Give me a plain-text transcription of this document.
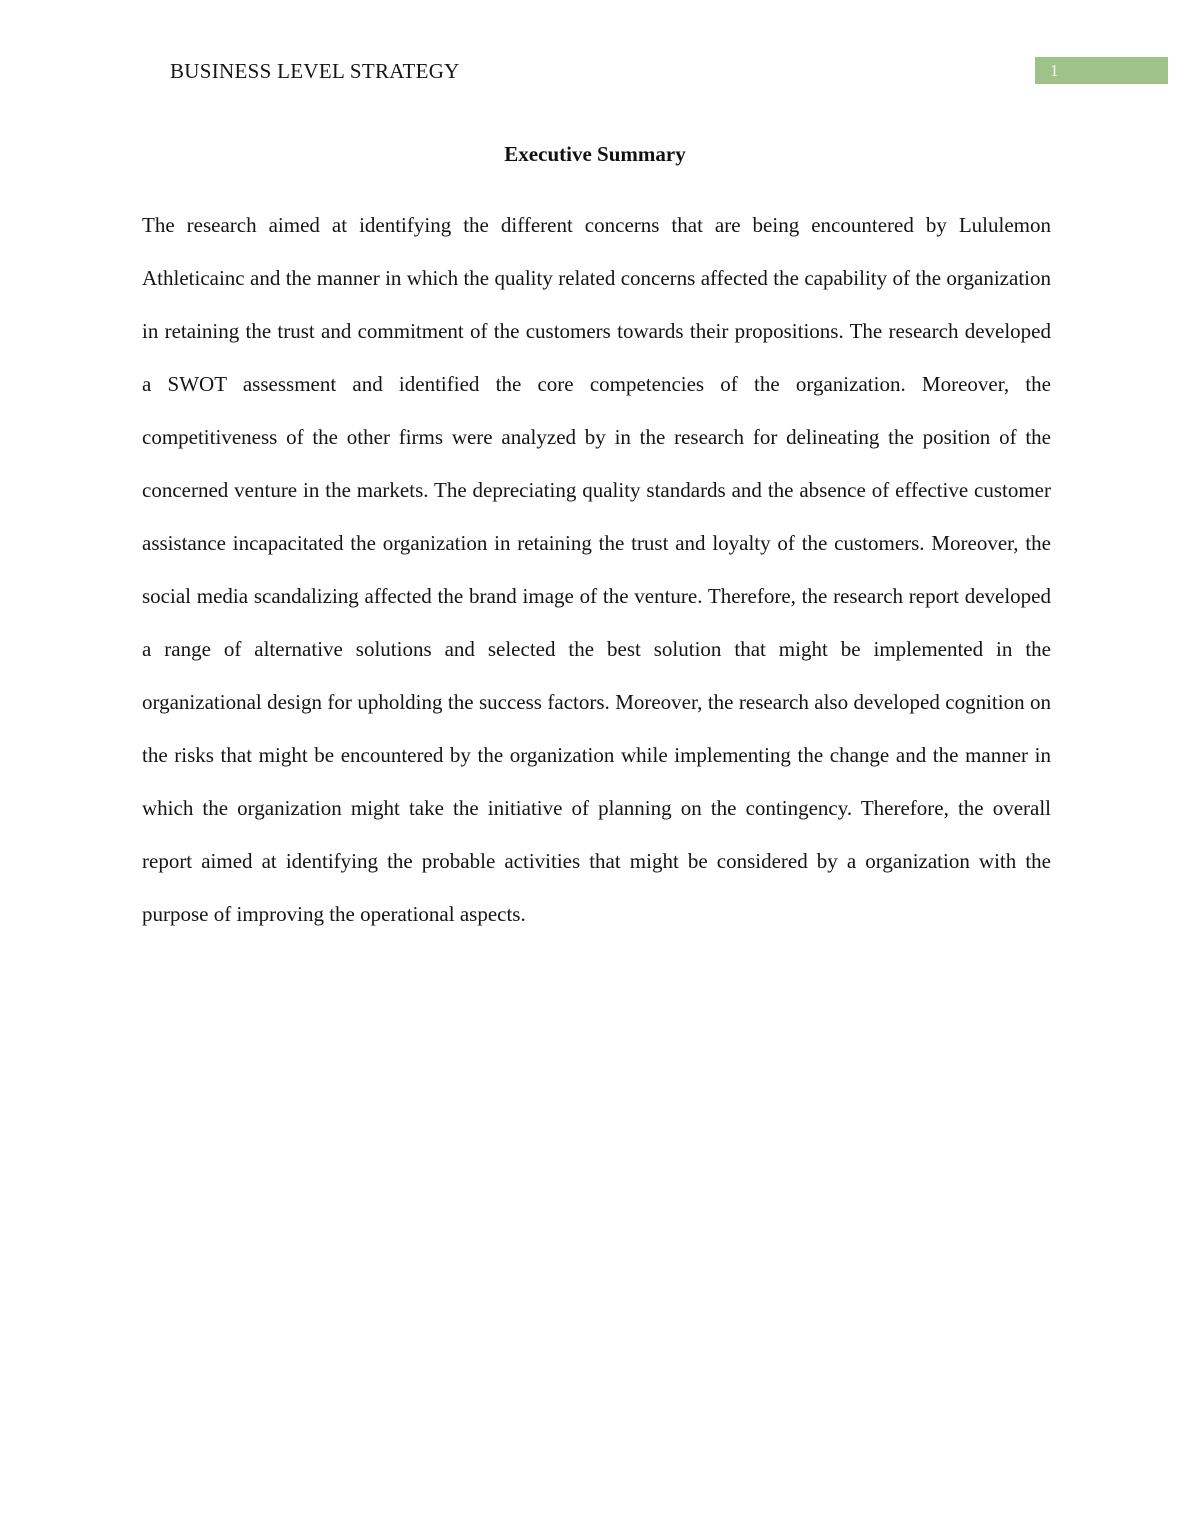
BUSINESS LEVEL STRATEGY	1
Executive Summary

The research aimed at identifying the different concerns that are being encountered by Lululemon Athleticainc and the manner in which the quality related concerns affected the capability of the organization in retaining the trust and commitment of the customers towards their propositions. The research developed a SWOT assessment and identified the core competencies of the organization. Moreover, the competitiveness of the other firms were analyzed by in the research for delineating the position of the concerned venture in the markets. The depreciating quality standards and the absence of effective customer assistance incapacitated the organization in retaining the trust and loyalty of the customers. Moreover, the social media scandalizing affected the brand image of the venture. Therefore, the research report developed a range of alternative solutions and selected the best solution that might be implemented in the organizational design for upholding the success factors. Moreover, the research also developed cognition on the risks that might be encountered by the organization while implementing the change and the manner in which the organization might take the initiative of planning on the contingency. Therefore, the overall report aimed at identifying the probable activities that might be considered by a organization with the purpose of improving the operational aspects.
